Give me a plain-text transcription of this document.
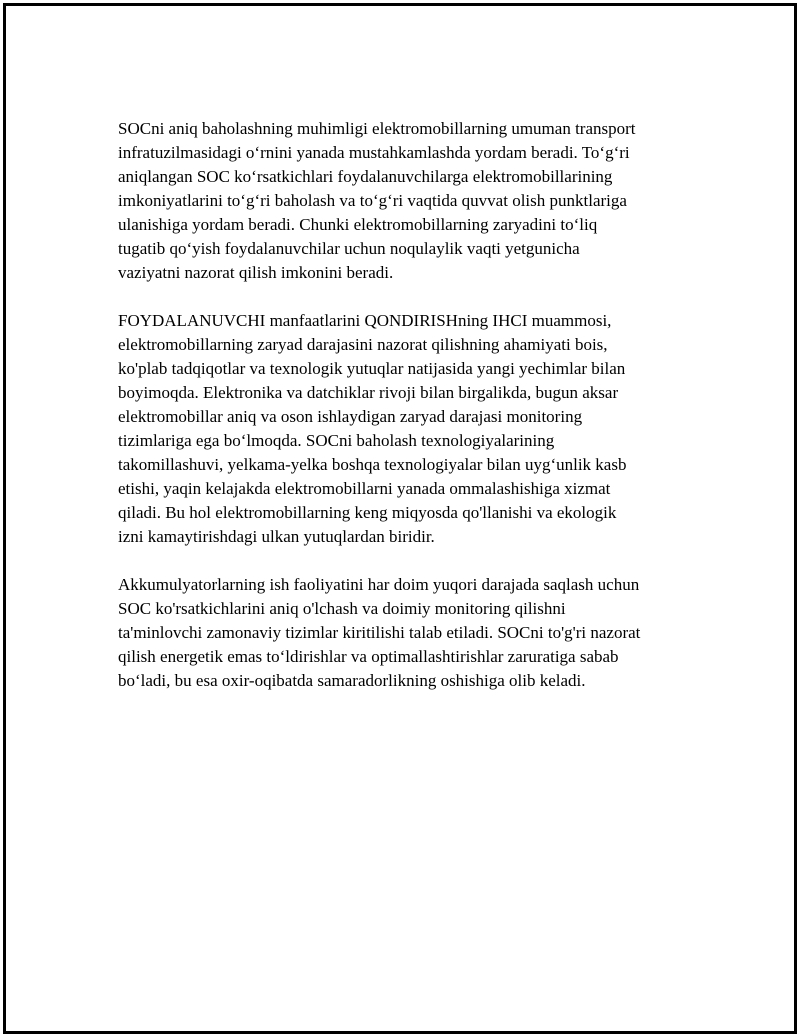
SOCni aniq baholashning muhimligi elektromobillarning umuman transport
infratuzilmasidagi o‘rnini yanada mustahkamlashda yordam beradi. To‘g‘ri
aniqlangan SOC ko‘rsatkichlari foydalanuvchilarga elektromobillarining
imkoniyatlarini to‘g‘ri baholash va to‘g‘ri vaqtida quvvat olish punktlariga
ulanishiga yordam beradi. Chunki elektromobillarning zaryadini to‘liq
tugatib qo‘yish foydalanuvchilar uchun noqulaylik vaqti yetgunicha
vaziyatni nazorat qilish imkonini beradi.

FOYDALANUVCHI manfaatlarini QONDIRISHning IHCI muammosi,
elektromobillarning zaryad darajasini nazorat qilishning ahamiyati bois,
ko'plab tadqiqotlar va texnologik yutuqlar natijasida yangi yechimlar bilan
boyimoqda. Elektronika va datchiklar rivoji bilan birgalikda, bugun aksar
elektromobillar aniq va oson ishlaydigan zaryad darajasi monitoring
tizimlariga ega bo‘lmoqda. SOCni baholash texnologiyalarining
takomillashuvi, yelkama-yelka boshqa texnologiyalar bilan uyg‘unlik kasb
etishi, yaqin kelajakda elektromobillarni yanada ommalashishiga xizmat
qiladi. Bu hol elektromobillarning keng miqyosda qo'llanishi va ekologik
izni kamaytirishdagi ulkan yutuqlardan biridir.

Akkumulyatorlarning ish faoliyatini har doim yuqori darajada saqlash uchun
SOC ko'rsatkichlarini aniq o'lchash va doimiy monitoring qilishni
ta'minlovchi zamonaviy tizimlar kiritilishi talab etiladi. SOCni to'g'ri nazorat
qilish energetik emas to‘ldirishlar va optimallashtirishlar zaruratiga sabab
bo‘ladi, bu esa oxir-oqibatda samaradorlikning oshishiga olib keladi.
